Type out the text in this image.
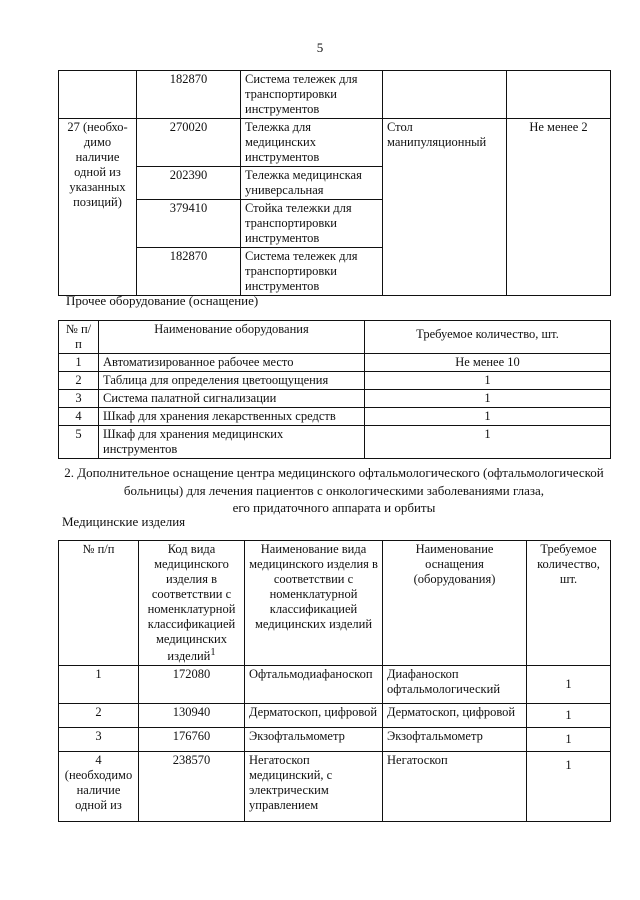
5
	182870	Система тележек для транспортировки инструментов		
27 (необхо-димо наличие одной из указанных позиций)	270020	Тележка для медицинских инструментов	Стол манипуляционный	Не менее 2
	202390	Тележка медицинская универсальная		
	379410	Стойка тележки для транспортировки инструментов		
	182870	Система тележек для транспортировки инструментов		
Прочее оборудование (оснащение)
№ п/п	Наименование оборудования	Требуемое количество, шт.
1	Автоматизированное рабочее место	Не менее 10
2	Таблица для определения цветоощущения	1
3	Система палатной сигнализации	1
4	Шкаф для хранения лекарственных средств	1
5	Шкаф для хранения медицинских инструментов	1
2. Дополнительное оснащение центра медицинского офтальмологического (офтальмологической
больницы) для лечения пациентов с онкологическими заболеваниями глаза,
его придаточного аппарата и орбиты
Медицинские изделия
№ п/п	Код вида медицинского изделия в соответствии с номенклатурной классификацией медицинских изделий$^1$	Наименование вида медицинского изделия в соответствии с номенклатурной классификацией медицинских изделий	Наименование оснащения (оборудования)	Требуемое количество, шт.
1	172080	Офтальмодиафаноскоп	Диафаноскоп офтальмологический	1
2	130940	Дерматоскоп, цифровой	Дерматоскоп, цифровой	1
3	176760	Экзофтальмометр	Экзофтальмометр	1
4 (необходимо наличие одной из	238570	Негатоскоп медицинский, с электрическим управлением	Негатоскоп	1
